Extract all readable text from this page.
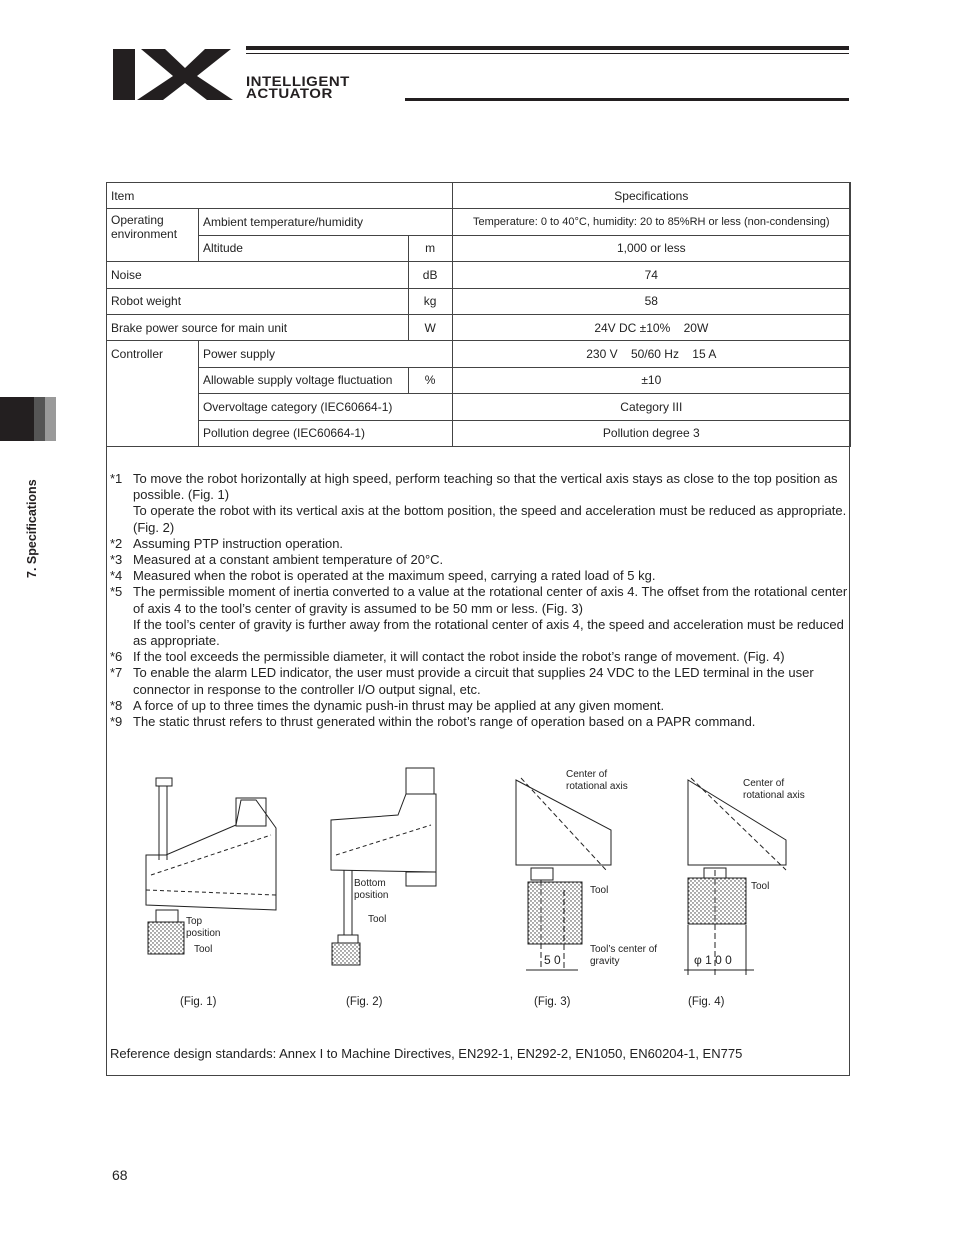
INTELLIGENT
ACTUATOR
7. Specifications
Item			Specifications
Operating environment	Ambient temperature/humidity		Temperature: 0 to 40°C, humidity: 20 to 85%RH or less (non-condensing)
	Altitude	m	1,000 or less
Noise		dB	74
Robot weight		kg	58
Brake power source for main unit		W	24V DC ±10%    20W
Controller	Power supply		230 V    50/60 Hz    15 A
	Allowable supply voltage fluctuation	%	±10
	Overvoltage category (IEC60664-1)		Category III
	Pollution degree (IEC60664-1)		Pollution degree 3
*1 To move the robot horizontally at high speed, perform teaching so that the vertical axis stays as close to the top position as possible. (Fig. 1)
To operate the robot with its vertical axis at the bottom position, the speed and acceleration must be reduced as appropriate. (Fig. 2)
*2 Assuming PTP instruction operation.
*3 Measured at a constant ambient temperature of 20°C.
*4 Measured when the robot is operated at the maximum speed, carrying a rated load of 5 kg.
*5 The permissible moment of inertia converted to a value at the rotational center of axis 4. The offset from the rotational center of axis 4 to the tool’s center of gravity is assumed to be 50 mm or less. (Fig. 3)
If the tool’s center of gravity is further away from the rotational center of axis 4, the speed and acceleration must be reduced as appropriate.
*6 If the tool exceeds the permissible diameter, it will contact the robot inside the robot’s range of movement. (Fig. 4)
*7 To enable the alarm LED indicator, the user must provide a circuit that supplies 24 VDC to the LED terminal in the user connector in response to the controller I/O output signal, etc.
*8 A force of up to three times the dynamic push-in thrust may be applied at any given moment.
*9 The static thrust refers to thrust generated within the robot’s range of operation based on a PAPR command.
Top position
Tool
Bottom position
Tool
Center of rotational axis
Tool
Tool’s center of gravity
5 0
Center of rotational axis
Tool
φ 1 0 0
(Fig. 1)	(Fig. 2)	(Fig. 3)	(Fig. 4)
Reference design standards: Annex I to Machine Directives, EN292-1, EN292-2, EN1050, EN60204-1, EN775
68
